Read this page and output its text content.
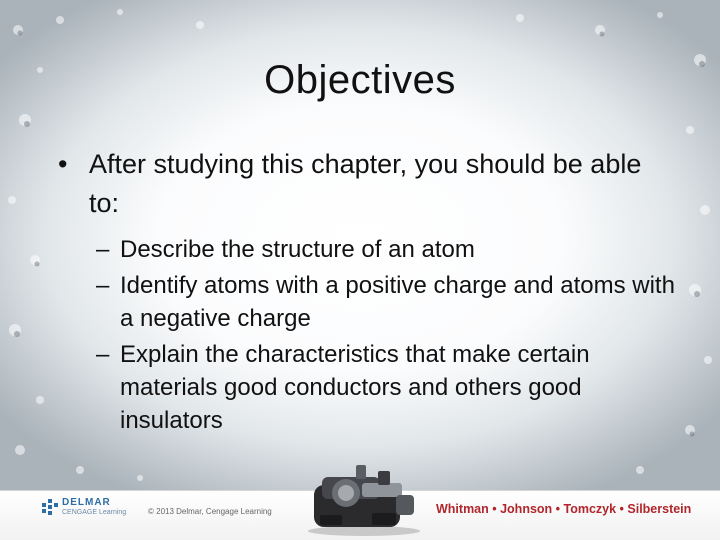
Objectives
• After studying this chapter, you should be able to:
– Describe the structure of an atom
– Identify atoms with a positive charge and atoms with a negative charge
– Explain the characteristics that make certain materials good conductors and others good insulators
DELMAR
CENGAGE Learning	© 2013 Delmar, Cengage Learning	Whitman • Johnson • Tomczyk • Silberstein
